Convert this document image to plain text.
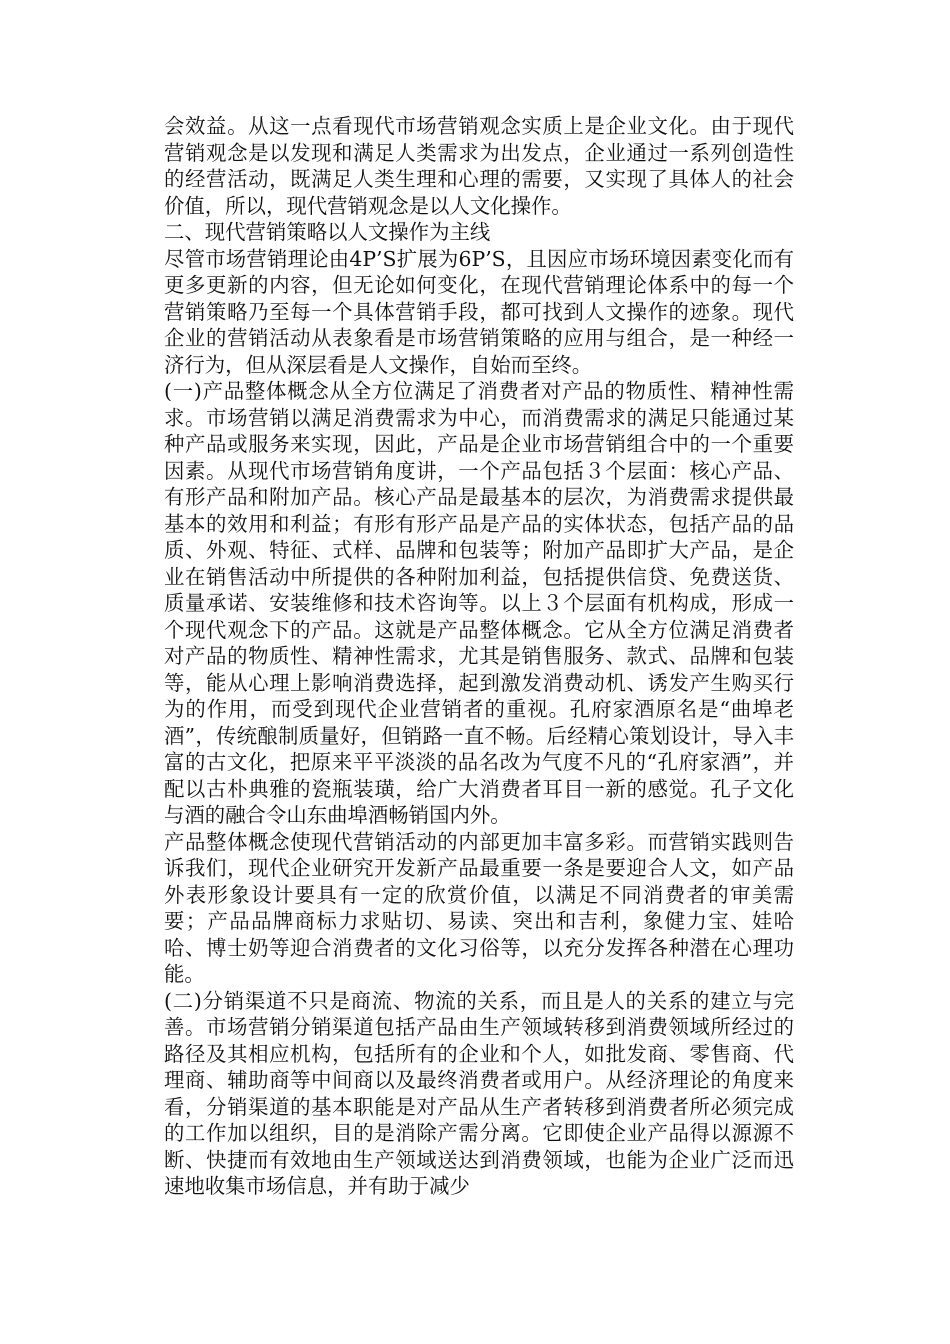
会效益。从这一点看现代市场营销观念实质上是企业文化。由于现代营销观念是以发现和满足人类需求为出发点，企业通过一系列创造性的经营活动，既满足人类生理和心理的需要，又实现了具体人的社会价值，所以，现代营销观念是以人文化操作。

二、现代营销策略以人文操作为主线

尽管市场营销理论由4P’S扩展为6P’S，且因应市场环境因素变化而有更多更新的内容，但无论如何变化，在现代营销理论体系中的每一个营销策略乃至每一个具体营销手段，都可找到人文操作的迹象。现代企业的营销活动从表象看是市场营销策略的应用与组合，是一种经一济行为，但从深层看是人文操作，自始而至终。

(一)产品整体概念从全方位满足了消费者对产品的物质性、精神性需求。市场营销以满足消费需求为中心，而消费需求的满足只能通过某种产品或服务来实现，因此，产品是企业市场营销组合中的一个重要因素。从现代市场营销角度讲，一个产品包括３个层面：核心产品、有形产品和附加产品。核心产品是最基本的层次，为消费需求提供最基本的效用和利益；有形有形产品是产品的实体状态，包括产品的品质、外观、特征、式样、品牌和包装等；附加产品即扩大产品，是企业在销售活动中所提供的各种附加利益，包括提供信贷、免费送货、质量承诺、安装维修和技术咨询等。以上３个层面有机构成，形成一个现代观念下的产品。这就是产品整体概念。它从全方位满足消费者对产品的物质性、精神性需求，尤其是销售服务、款式、品牌和包装等，能从心理上影响消费选择，起到激发消费动机、诱发产生购买行为的作用，而受到现代企业营销者的重视。孔府家酒原名是“曲埠老酒”，传统酿制质量好，但销路一直不畅。后经精心策划设计，导入丰富的古文化，把原来平平淡淡的品名改为气度不凡的“孔府家酒”，并配以古朴典雅的瓷瓶装璜，给广大消费者耳目一新的感觉。孔子文化与酒的融合令山东曲埠酒畅销国内外。

产品整体概念使现代营销活动的内部更加丰富多彩。而营销实践则告诉我们，现代企业研究开发新产品最重要一条是要迎合人文，如产品外表形象设计要具有一定的欣赏价值，以满足不同消费者的审美需要；产品品牌商标力求贴切、易读、突出和吉利，象健力宝、娃哈哈、博士奶等迎合消费者的文化习俗等，以充分发挥各种潜在心理功能。

(二)分销渠道不只是商流、物流的关系，而且是人的关系的建立与完善。市场营销分销渠道包括产品由生产领域转移到消费领域所经过的路径及其相应机构，包括所有的企业和个人，如批发商、零售商、代理商、辅助商等中间商以及最终消费者或用户。从经济理论的角度来看，分销渠道的基本职能是对产品从生产者转移到消费者所必须完成的工作加以组织，目的是消除产需分离。它即使企业产品得以源源不断、快捷而有效地由生产领域送达到消费领域，也能为企业广泛而迅速地收集市场信息，并有助于减少
